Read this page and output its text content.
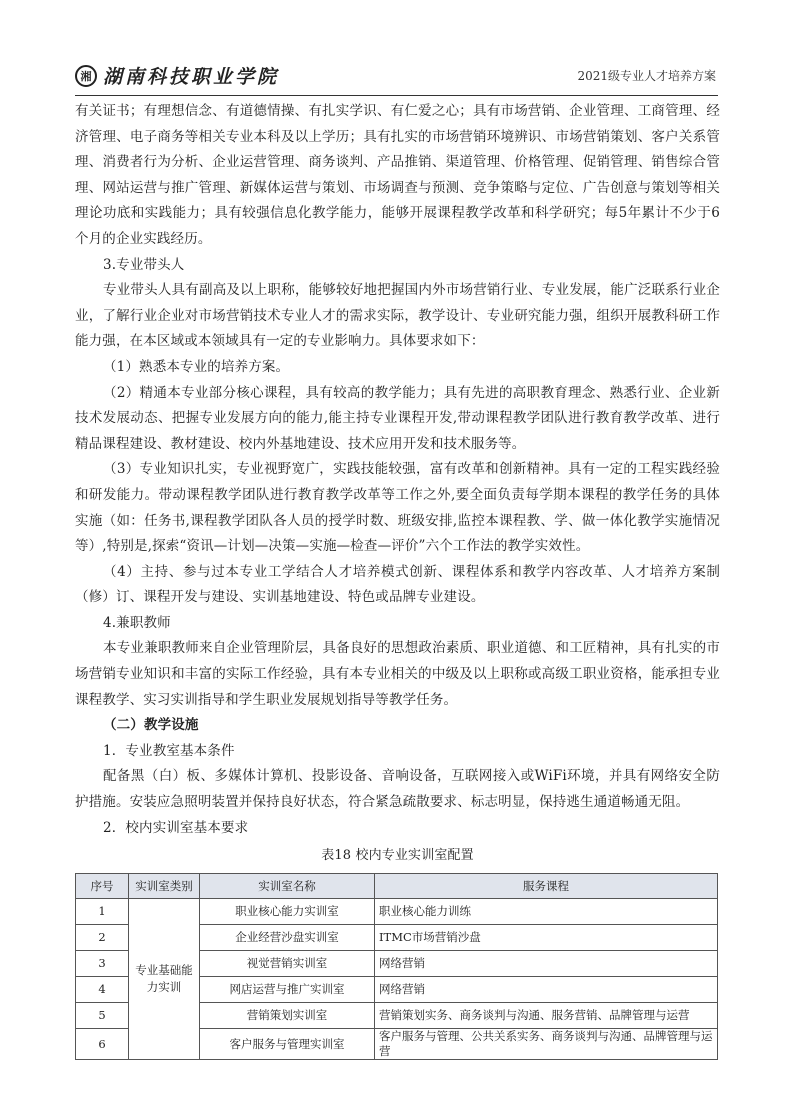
湘 湖南科技职业学院	2021级专业人才培养方案

有关证书；有理想信念、有道德情操、有扎实学识、有仁爱之心；具有市场营销、企业管理、工商管理、经济管理、电子商务等相关专业本科及以上学历；具有扎实的市场营销环境辨识、市场营销策划、客户关系管理、消费者行为分析、企业运营管理、商务谈判、产品推销、渠道管理、价格管理、促销管理、销售综合管理、网站运营与推广管理、新媒体运营与策划、市场调查与预测、竞争策略与定位、广告创意与策划等相关理论功底和实践能力；具有较强信息化教学能力，能够开展课程教学改革和科学研究；每5年累计不少于6个月的企业实践经历。

3.专业带头人

专业带头人具有副高及以上职称，能够较好地把握国内外市场营销行业、专业发展，能广泛联系行业企业，了解行业企业对市场营销技术专业人才的需求实际，教学设计、专业研究能力强，组织开展教科研工作能力强，在本区域或本领域具有一定的专业影响力。具体要求如下：

（1）熟悉本专业的培养方案。

（2）精通本专业部分核心课程，具有较高的教学能力；具有先进的高职教育理念、熟悉行业、企业新技术发展动态、把握专业发展方向的能力,能主持专业课程开发,带动课程教学团队进行教育教学改革、进行精品课程建设、教材建设、校内外基地建设、技术应用开发和技术服务等。

（3）专业知识扎实，专业视野宽广，实践技能较强，富有改革和创新精神。具有一定的工程实践经验和研发能力。带动课程教学团队进行教育教学改革等工作之外,要全面负责每学期本课程的教学任务的具体实施（如：任务书,课程教学团队各人员的授学时数、班级安排,监控本课程教、学、做一体化教学实施情况等）,特别是,探索“资讯—计划—决策—实施—检查—评价”六个工作法的教学实效性。

（4）主持、参与过本专业工学结合人才培养模式创新、课程体系和教学内容改革、人才培养方案制（修）订、课程开发与建设、实训基地建设、特色或品牌专业建设。

4.兼职教师

本专业兼职教师来自企业管理阶层，具备良好的思想政治素质、职业道德、和工匠精神，具有扎实的市场营销专业知识和丰富的实际工作经验，具有本专业相关的中级及以上职称或高级工职业资格，能承担专业课程教学、实习实训指导和学生职业发展规划指导等教学任务。

（二）教学设施

1．专业教室基本条件

配备黑（白）板、多媒体计算机、投影设备、音响设备，互联网接入或WiFi环境，并具有网络安全防护措施。安装应急照明装置并保持良好状态，符合紧急疏散要求、标志明显，保持逃生通道畅通无阻。

2．校内实训室基本要求

表18 校内专业实训室配置

序号	实训室类别	实训室名称	服务课程
1	专业基础能力实训	职业核心能力实训室	职业核心能力训练
2		企业经营沙盘实训室	ITMC市场营销沙盘
3		视觉营销实训室	网络营销
4		网店运营与推广实训室	网络营销
5		营销策划实训室	营销策划实务、商务谈判与沟通、服务营销、品牌管理与运营
6		客户服务与管理实训室	客户服务与管理、公共关系实务、商务谈判与沟通、品牌管理与运营
